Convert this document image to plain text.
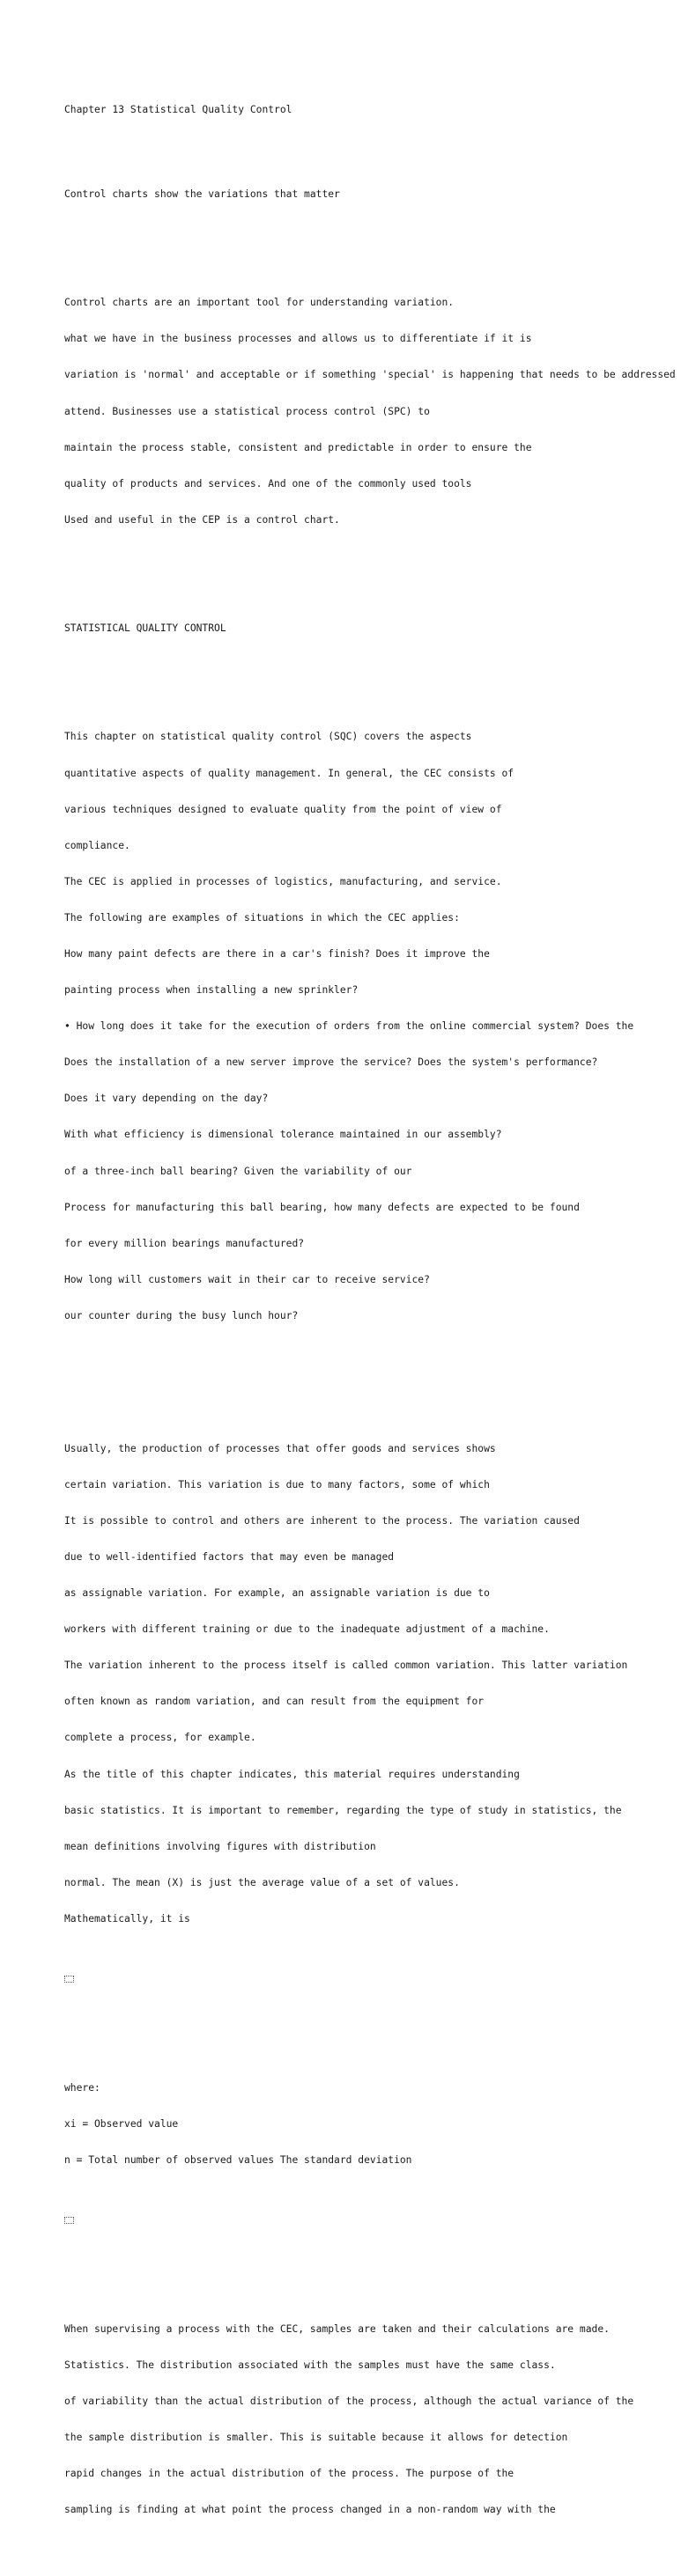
Chapter 13 Statistical Quality Control

Control charts show the variations that matter

Control charts are an important tool for understanding variation.

what we have in the business processes and allows us to differentiate if it is

variation is 'normal' and acceptable or if something 'special' is happening that needs to be addressed

attend. Businesses use a statistical process control (SPC) to

maintain the process stable, consistent and predictable in order to ensure the

quality of products and services. And one of the commonly used tools

Used and useful in the CEP is a control chart.

STATISTICAL QUALITY CONTROL

This chapter on statistical quality control (SQC) covers the aspects

quantitative aspects of quality management. In general, the CEC consists of

various techniques designed to evaluate quality from the point of view of

compliance.

The CEC is applied in processes of logistics, manufacturing, and service.

The following are examples of situations in which the CEC applies:

How many paint defects are there in a car's finish? Does it improve the

painting process when installing a new sprinkler?

• How long does it take for the execution of orders from the online commercial system? Does the

Does the installation of a new server improve the service? Does the system's performance?

Does it vary depending on the day?

With what efficiency is dimensional tolerance maintained in our assembly?

of a three-inch ball bearing? Given the variability of our

Process for manufacturing this ball bearing, how many defects are expected to be found

for every million bearings manufactured?

How long will customers wait in their car to receive service?

our counter during the busy lunch hour?

Usually, the production of processes that offer goods and services shows

certain variation. This variation is due to many factors, some of which

It is possible to control and others are inherent to the process. The variation caused

due to well-identified factors that may even be managed

as assignable variation. For example, an assignable variation is due to

workers with different training or due to the inadequate adjustment of a machine.

The variation inherent to the process itself is called common variation. This latter variation

often known as random variation, and can result from the equipment for

complete a process, for example.

As the title of this chapter indicates, this material requires understanding

basic statistics. It is important to remember, regarding the type of study in statistics, the

mean definitions involving figures with distribution

normal. The mean (X) is just the average value of a set of values.

Mathematically, it is

where:

xi = Observed value

n = Total number of observed values The standard deviation

When supervising a process with the CEC, samples are taken and their calculations are made.

Statistics. The distribution associated with the samples must have the same class.

of variability than the actual distribution of the process, although the actual variance of the

the sample distribution is smaller. This is suitable because it allows for detection

rapid changes in the actual distribution of the process. The purpose of the

sampling is finding at what point the process changed in a non-random way with the
